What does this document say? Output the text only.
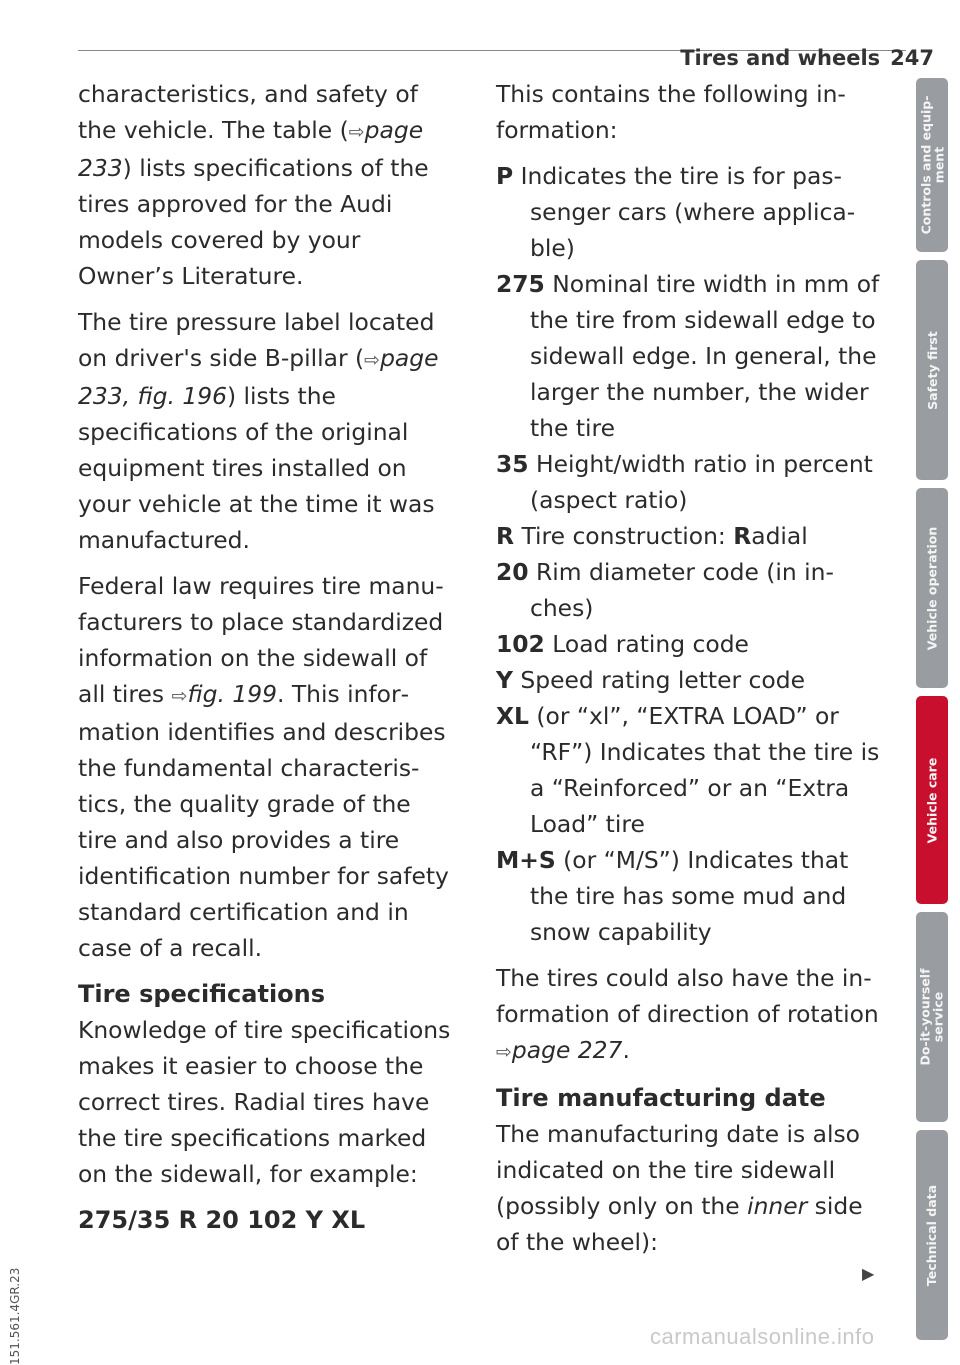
Tires and wheels 247

characteristics, and safety of the vehicle. The table (⇨page 233) lists specifications of the tires approved for the Audi models covered by your Owner’s Literature.

The tire pressure label located on driver's side B-pillar (⇨page 233, fig. 196) lists the specifications of the original equipment tires installed on your vehicle at the time it was manufactured.

Federal law requires tire manufacturers to place standardized information on the sidewall of all tires ⇨fig. 199. This information identifies and describes the fundamental characteristics, the quality grade of the tire and also provides a tire identification number for safety standard certification and in case of a recall.

Tire specifications

Knowledge of tire specifications makes it easier to choose the correct tires. Radial tires have the tire specifications marked on the sidewall, for example:

275/35 R 20 102 Y XL

This contains the following information:

P Indicates the tire is for passenger cars (where applicable)

275 Nominal tire width in mm of the tire from sidewall edge to sidewall edge. In general, the larger the number, the wider the tire

35 Height/width ratio in percent (aspect ratio)

R Tire construction: Radial

20 Rim diameter code (in inches)

102 Load rating code

Y Speed rating letter code

XL (or “xl”, “EXTRA LOAD” or “RF”) Indicates that the tire is a “Reinforced” or an “Extra Load” tire

M+S (or “M/S”) Indicates that the tire has some mud and snow capability

The tires could also have the information of direction of rotation ⇨page 227.

Tire manufacturing date

The manufacturing date is also indicated on the tire sidewall (possibly only on the inner side of the wheel):

▶
Controls and equip-
ment
Safety first
Vehicle operation
Vehicle care
Do-it-yourself
service
Technical data
151.561.4GR.23	carmanualsonline.info
